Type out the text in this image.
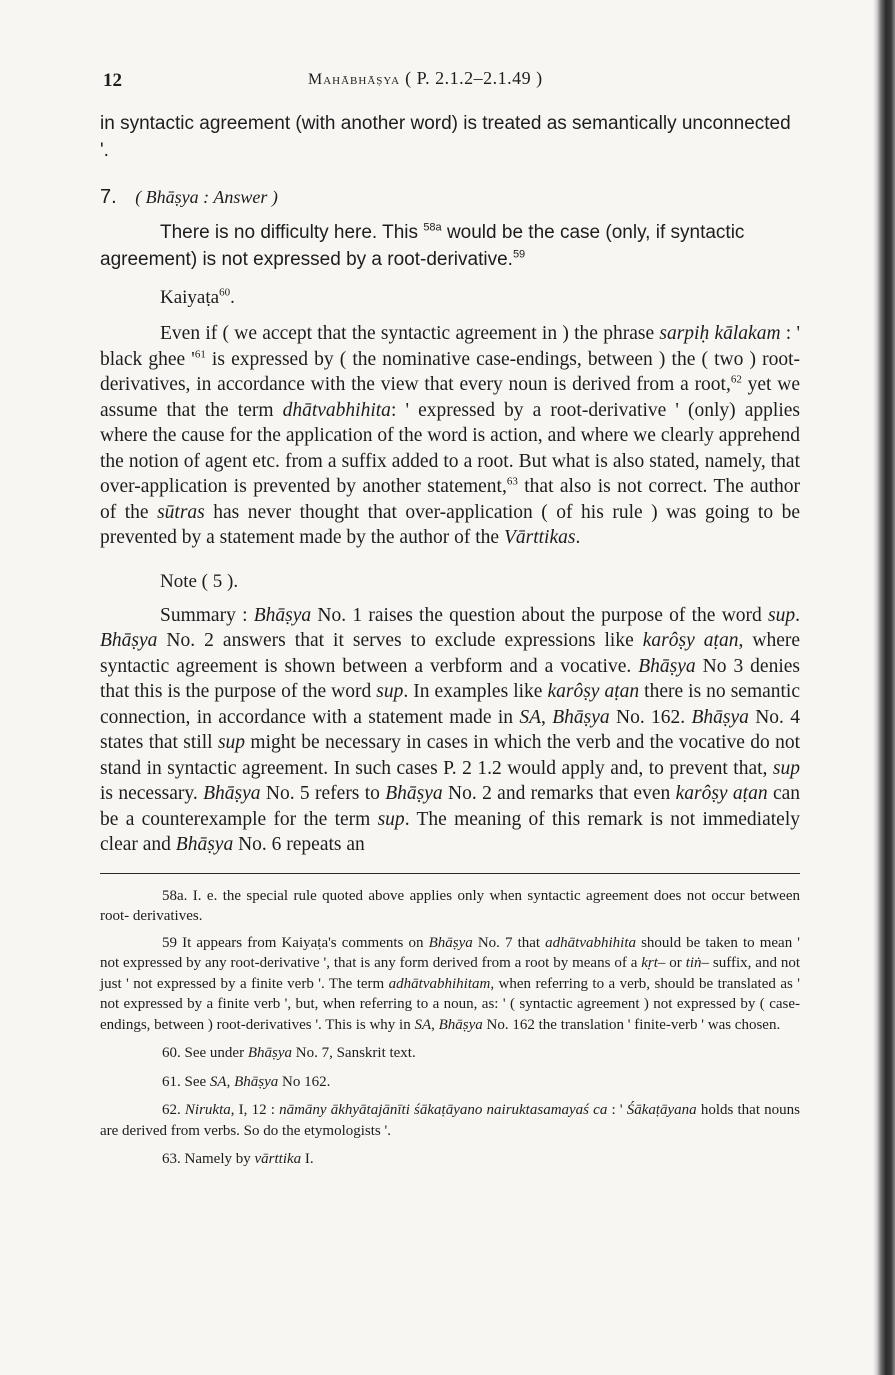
12	Mahābhāṣya ( P. 2.1.2–2.1.49 )

in syntactic agreement (with another word) is treated as semantically unconnected '.

7. ( Bhāṣya : Answer )

There is no difficulty here. This $^{58a}$ would be the case (only, if syntactic agreement) is not expressed by a root-derivative.$^{59}$

Kaiyaṭa$^{60}$.

Even if ( we accept that the syntactic agreement in ) the phrase sarpiḥ kālakam : ' black ghee '$^{61}$ is expressed by ( the nominative case-endings, between ) the ( two ) root-derivatives, in accordance with the view that every noun is derived from a root,$^{62}$ yet we assume that the term dhātvabhihita: ' expressed by a root-derivative ' (only) applies where the cause for the application of the word is action, and where we clearly apprehend the notion of agent etc. from a suffix added to a root. But what is also stated, namely, that over-application is prevented by another statement,$^{63}$ that also is not correct. The author of the sūtras has never thought that over-application ( of his rule ) was going to be prevented by a statement made by the author of the Vārttikas.

Note ( 5 ).

Summary : Bhāṣya No. 1 raises the question about the purpose of the word sup. Bhāṣya No. 2 answers that it serves to exclude expressions like karôṣy aṭan, where syntactic agreement is shown between a verbform and a vocative. Bhāṣya No 3 denies that this is the purpose of the word sup. In examples like karôṣy aṭan there is no semantic connection, in accordance with a statement made in SA, Bhāṣya No. 162. Bhāṣya No. 4 states that still sup might be necessary in cases in which the verb and the vocative do not stand in syntactic agreement. In such cases P. 2 1.2 would apply and, to prevent that, sup is necessary. Bhāṣya No. 5 refers to Bhāṣya No. 2 and remarks that even karôṣy aṭan can be a counterexample for the term sup. The meaning of this remark is not immediately clear and Bhāṣya No. 6 repeats an

58a. I. e. the special rule quoted above applies only when syntactic agreement does not occur between root- derivatives.

59 It appears from Kaiyaṭa's comments on Bhāṣya No. 7 that adhātvabhihita should be taken to mean ' not expressed by any root-derivative ', that is any form derived from a root by means of a kṛt– or tiṅ– suffix, and not just ' not expressed by a finite verb '. The term adhātvabhihitam, when referring to a verb, should be translated as ' not expressed by a finite verb ', but, when referring to a noun, as: ' ( syntactic agreement ) not expressed by ( case-endings, between ) root-derivatives '. This is why in SA, Bhāṣya No. 162 the translation ' finite-verb ' was chosen.

60. See under Bhāṣya No. 7, Sanskrit text.

61. See SA, Bhāṣya No 162.

62. Nirukta, I, 12 : nāmāny ākhyātajānīti śākaṭāyano nairuktasamayaś ca : ' Śākaṭāyana holds that nouns are derived from verbs. So do the etymologists '.

63. Namely by vārttika I.
